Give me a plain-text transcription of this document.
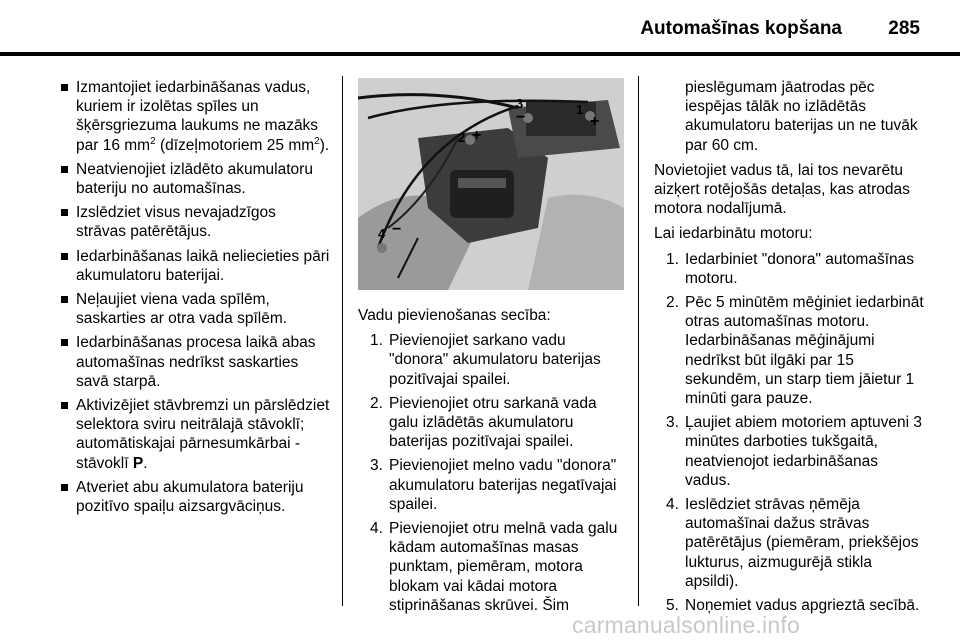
Automašīnas kopšana 285
Izmantojiet iedarbināšanas vadus, kuriem ir izolētas spīles un šķērsgriezuma laukums ne mazāks par 16 $mm^2$ (dīzeļmotoriem 25 $mm^2$).
Neatvienojiet izlādēto akumulatoru bateriju no automašīnas.
Izslēdziet visus nevajadzīgos strāvas patērētājus.
Iedarbināšanas laikā neliecieties pāri akumulatoru baterijai.
Neļaujiet viena vada spīlēm, saskarties ar otra vada spīlēm.
Iedarbināšanas procesa laikā abas automašīnas nedrīkst saskarties savā starpā.
Aktivizējiet stāvbremzi un pārslēdziet selektora sviru neitrālajā stāvoklī; automātiskajai pārnesumkārbai - stāvoklī P.
Atveriet abu akumulatora bateriju pozitīvo spaiļu aizsargvāciņus.
1
+
2 +
3
−
4 −

Vadu pievienošanas secība:

1. Pievienojiet sarkano vadu "donora" akumulatoru baterijas pozitīvajai spailei.
2. Pievienojiet otru sarkanā vada galu izlādētās akumulatoru baterijas pozitīvajai spailei.
3. Pievienojiet melno vadu "donora" akumulatoru baterijas negatīvajai spailei.
4. Pievienojiet otru melnā vada galu kādam automašīnas masas punktam, piemēram, motora blokam vai kādai motora stiprināšanas skrūvei. Šim
pieslēgumam jāatrodas pēc iespējas tālāk no izlādētās akumulatoru baterijas un ne tuvāk par 60 cm.

Novietojiet vadus tā, lai tos nevarētu aizķert rotējošās detaļas, kas atrodas motora nodalījumā.

Lai iedarbinātu motoru:

1. Iedarbiniet "donora" automašīnas motoru.
2. Pēc 5 minūtēm mēģiniet iedarbināt otras automašīnas motoru. Iedarbināšanas mēģinājumi nedrīkst būt ilgāki par 15 sekundēm, un starp tiem jāietur 1 minūti gara pauze.
3. Ļaujiet abiem motoriem aptuveni 3 minūtes darboties tukšgaitā, neatvienojot iedarbināšanas vadus.
4. Ieslēdziet strāvas ņēmēja automašīnai dažus strāvas patērētājus (piemēram, priekšējos lukturus, aizmugurējā stikla apsildi).
5. Noņemiet vadus apgrieztā secībā.
carmanualsonline.info
